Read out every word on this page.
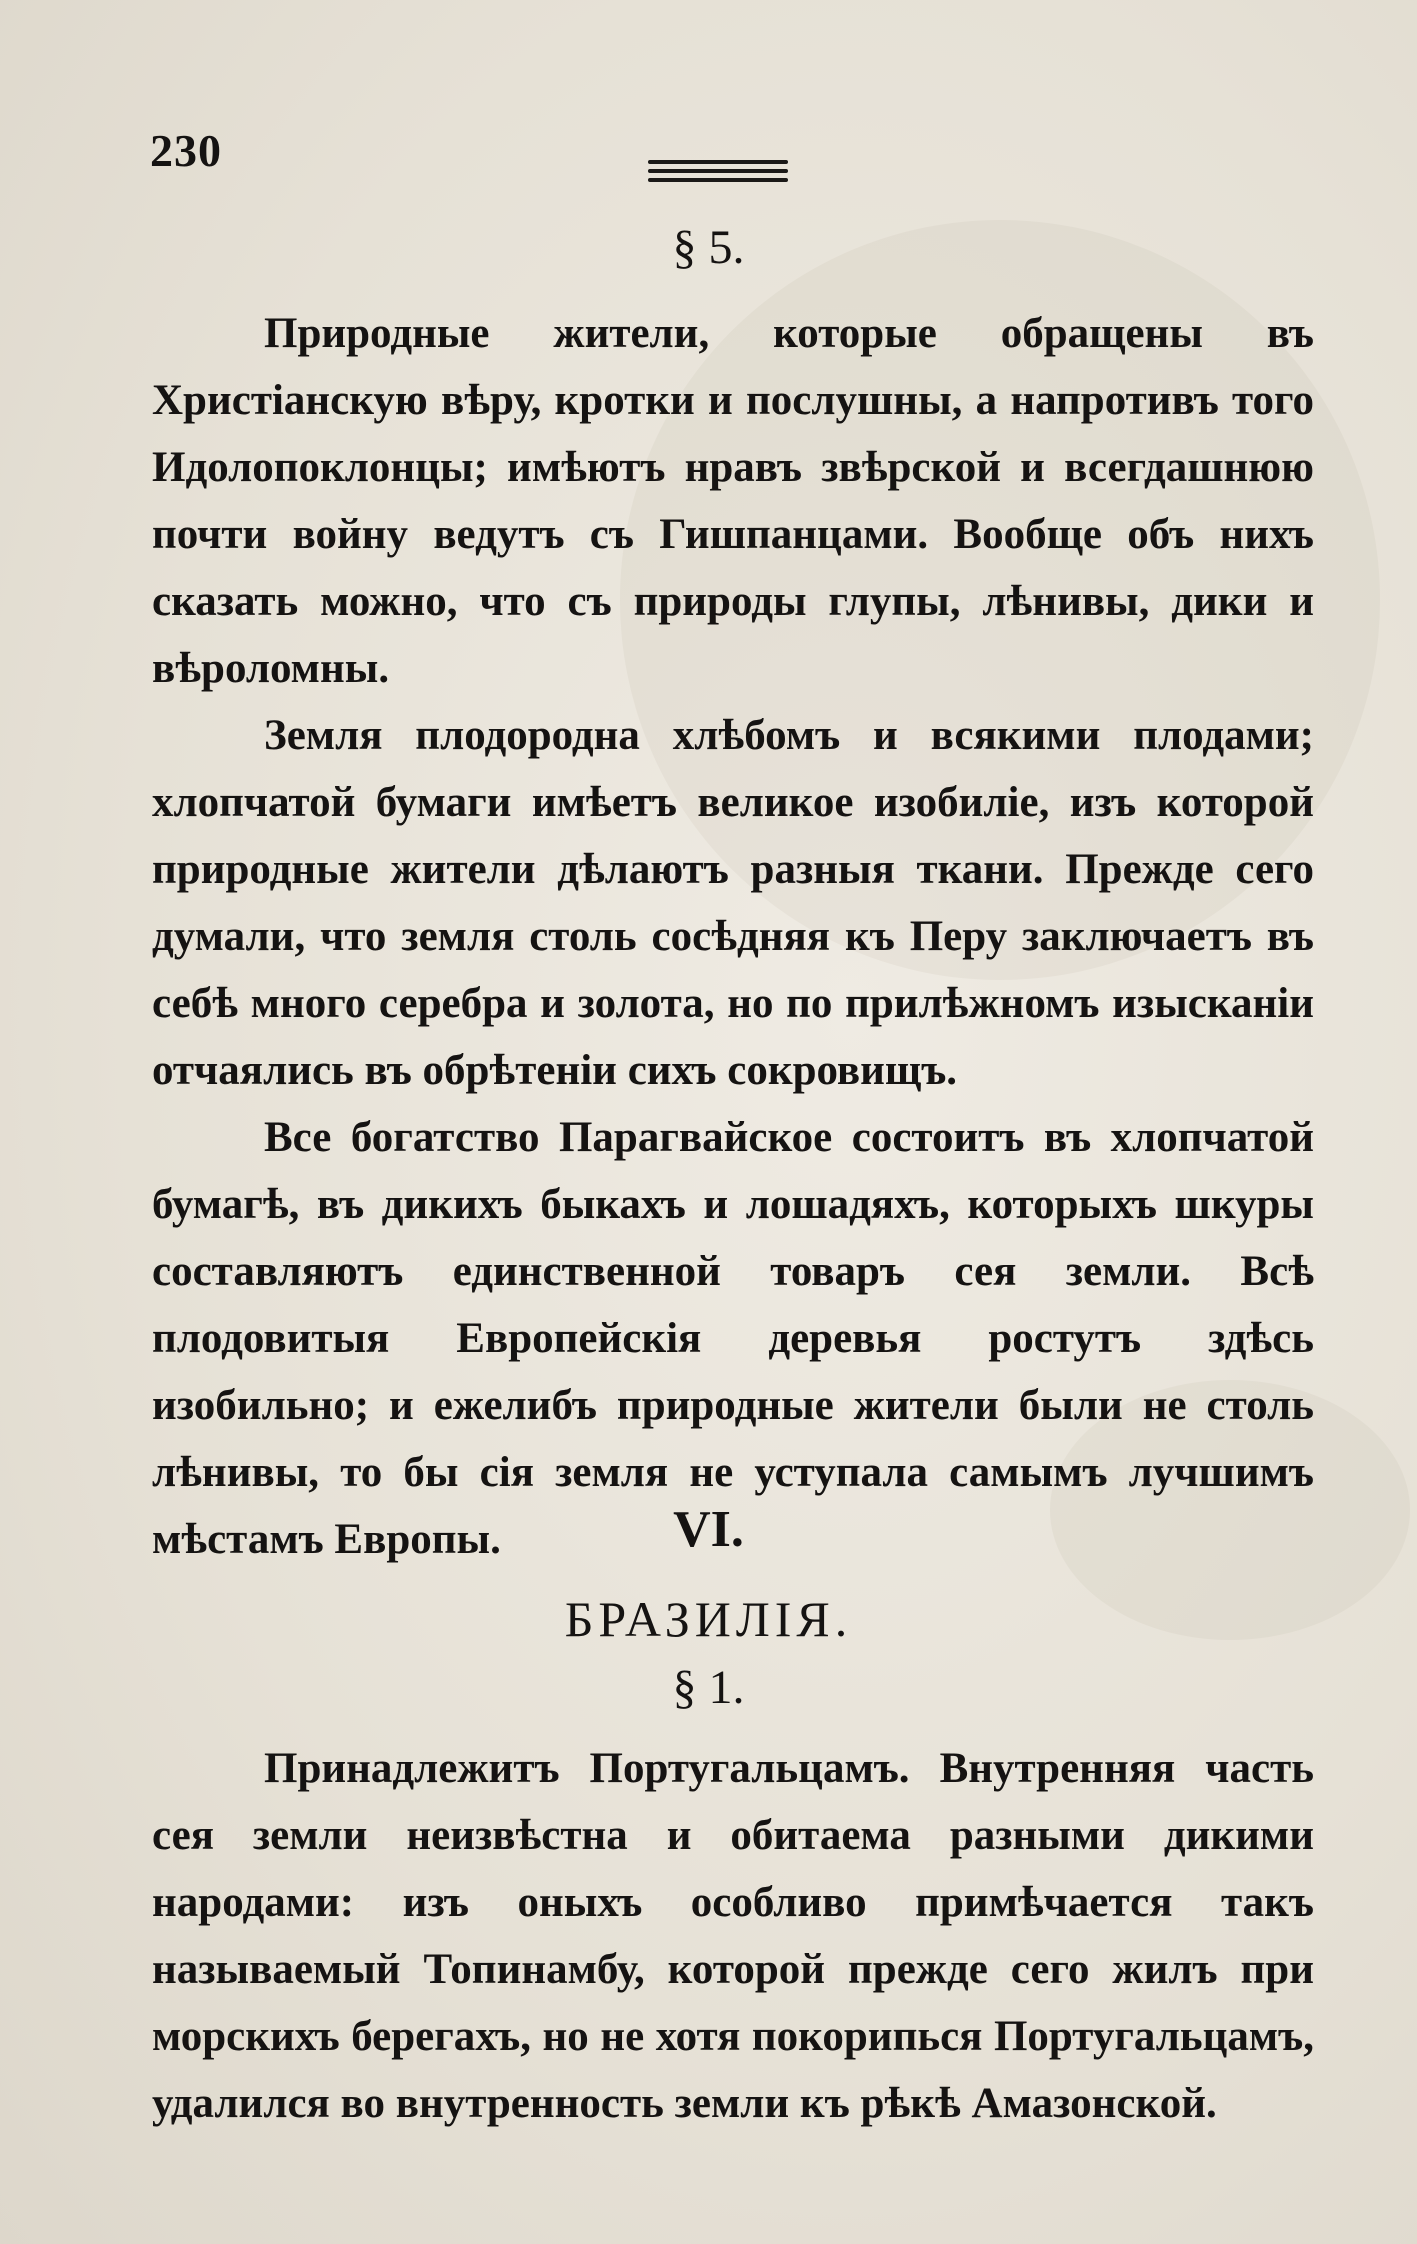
230
§ 5.

Природные жители, которые обращены въ Христіанскую вѣру, кротки и послушны, а напротивъ того Идолопоклонцы; имѣютъ нравъ звѣрской и всегдашнюю почти войну ведутъ съ Гишпанцами. Вообще объ нихъ сказать можно, что съ природы глупы, лѣнивы, дики и вѣроломны.

Земля плодородна хлѣбомъ и всякими плодами; хлопчатой бумаги имѣетъ великое изобиліе, изъ которой природные жители дѣлаютъ разныя ткани. Прежде сего думали, что земля столь сосѣдняя къ Перу заключаетъ въ себѣ много серебра и золота, но по прилѣжномъ изысканіи отчаялись въ обрѣтеніи сихъ сокровищъ.

Все богатство Парагвайское состоитъ въ хлопчатой бумагѣ, въ дикихъ быкахъ и лошадяхъ, которыхъ шкуры составляютъ единственной товаръ сея земли. Всѣ плодовитыя Европейскія деревья ростутъ здѣсь изобильно; и ежелибъ природные жители были не столь лѣнивы, то бы сія земля не уступала самымъ лучшимъ мѣстамъ Европы.	VI.
БРАЗИЛІЯ.
§ 1.

Принадлежитъ Португальцамъ. Внутренняя часть сея земли неизвѣстна и обитаема разными дикими народами: изъ оныхъ особливо примѣчается такъ называемый Топинамбу, которой прежде сего жилъ при морскихъ берегахъ, но не хотя покорипься Португальцамъ, удалился во внутренность земли къ рѣкѣ Амазонской.
